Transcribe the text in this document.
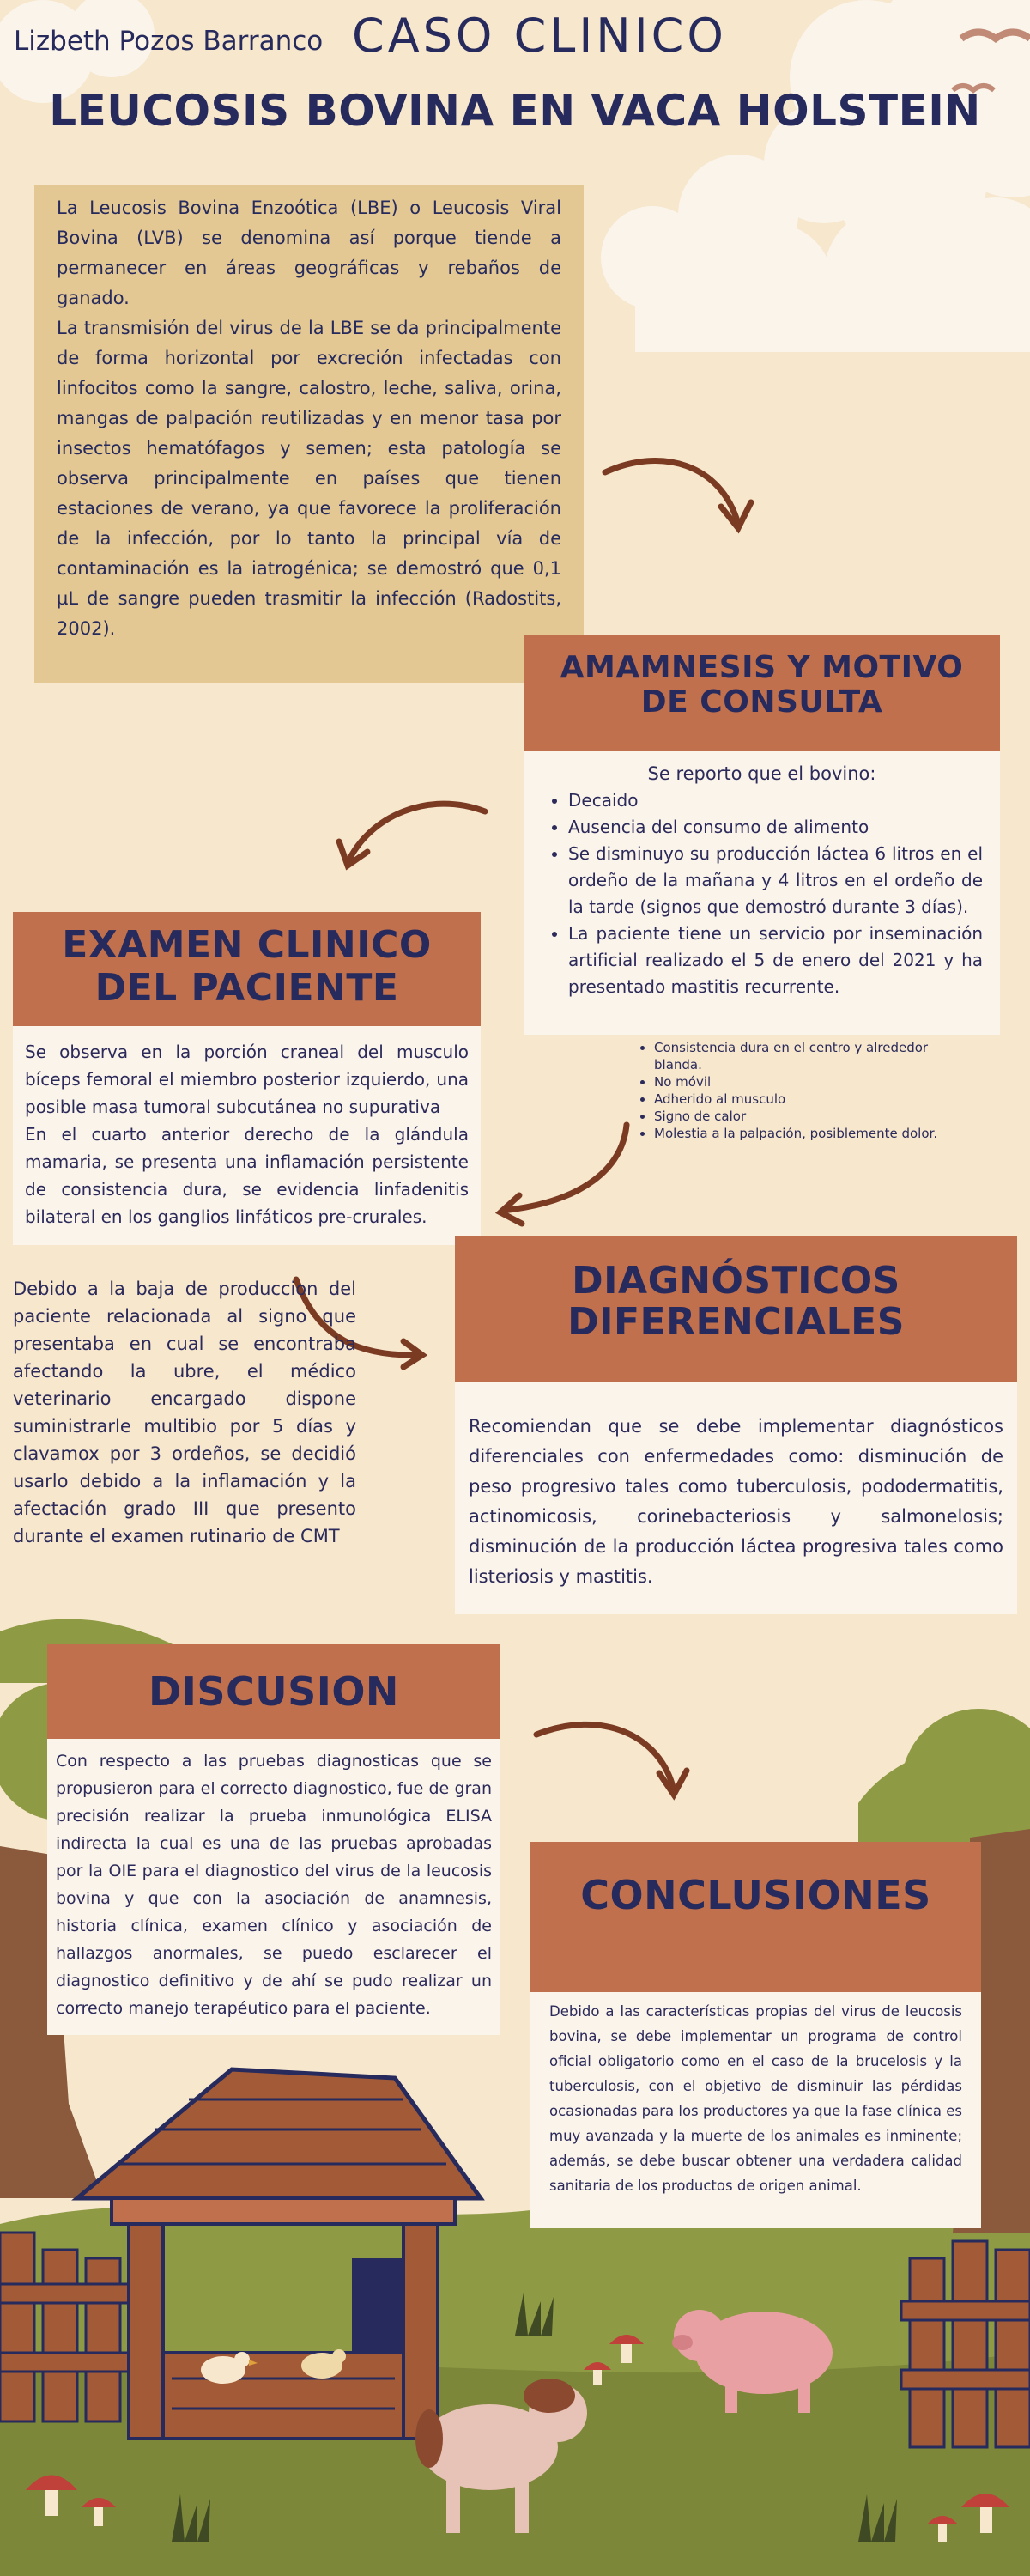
Lizbeth Pozos Barranco CASO CLINICO
LEUCOSIS BOVINA EN VACA HOLSTEIN
La Leucosis Bovina Enzoótica (LBE) o Leucosis Viral Bovina (LVB) se denomina así porque tiende a permanecer en áreas geográficas y rebaños de ganado.
La transmisión del virus de la LBE se da principalmente de forma horizontal por excreción infectadas con linfocitos como la sangre, calostro, leche, saliva, orina, mangas de palpación reutilizadas y en menor tasa por insectos hematófagos y semen; esta patología se observa principalmente en países que tienen estaciones de verano, ya que favorece la proliferación de la infección, por lo tanto la principal vía de contaminación es la iatrogénica; se demostró que 0,1 µL de sangre pueden trasmitir la infección (Radostits, 2002).
AMAMNESIS Y MOTIVO
DE CONSULTA
Se reporto que el bovino:
• Decaido
• Ausencia del consumo de alimento
• Se disminuyo su producción láctea 6 litros en el ordeño de la mañana y 4 litros en el ordeño de la tarde (signos que demostró durante 3 días).
• La paciente tiene un servicio por inseminación artificial realizado el 5 de enero del 2021 y ha presentado mastitis recurrente.
• Consistencia dura en el centro y alrededor blanda.
• No móvil
• Adherido al musculo
• Signo de calor
• Molestia a la palpación, posiblemente dolor.
EXAMEN CLINICO
DEL PACIENTE
Se observa en la porción craneal del musculo bíceps femoral el miembro posterior izquierdo, una posible masa tumoral subcutánea no supurativa
En el cuarto anterior derecho de la glándula mamaria, se presenta una inflamación persistente de consistencia dura, se evidencia linfadenitis bilateral en los ganglios linfáticos pre-crurales.
Debido a la baja de produccion del paciente relacionada al signo que presentaba en cual se encontraba afectando la ubre, el médico veterinario encargado dispone suministrarle multibio por 5 días y clavamox por 3 ordeños, se decidió usarlo debido a la inflamación y la afectación grado III que presento durante el examen rutinario de CMT
DIAGNÓSTICOS
DIFERENCIALES
Recomiendan que se debe implementar diagnósticos diferenciales con enfermedades como: disminución de peso progresivo tales como tuberculosis, pododermatitis, actinomicosis, corinebacteriosis y salmonelosis; disminución de la producción láctea progresiva tales como listeriosis y mastitis.
DISCUSION
Con respecto a las pruebas diagnosticas que se propusieron para el correcto diagnostico, fue de gran precisión realizar la prueba inmunológica ELISA indirecta la cual es una de las pruebas aprobadas por la OIE para el diagnostico del virus de la leucosis bovina y que con la asociación de anamnesis, historia clínica, examen clínico y asociación de hallazgos anormales, se puedo esclarecer el diagnostico definitivo y de ahí se pudo realizar un correcto manejo terapéutico para el paciente.
CONCLUSIONES
Debido a las características propias del virus de leucosis bovina, se debe implementar un programa de control oficial obligatorio como en el caso de la brucelosis y la tuberculosis, con el objetivo de disminuir las pérdidas ocasionadas para los productores ya que la fase clínica es muy avanzada y la muerte de los animales es inminente; además, se debe buscar obtener una verdadera calidad sanitaria de los productos de origen animal.
